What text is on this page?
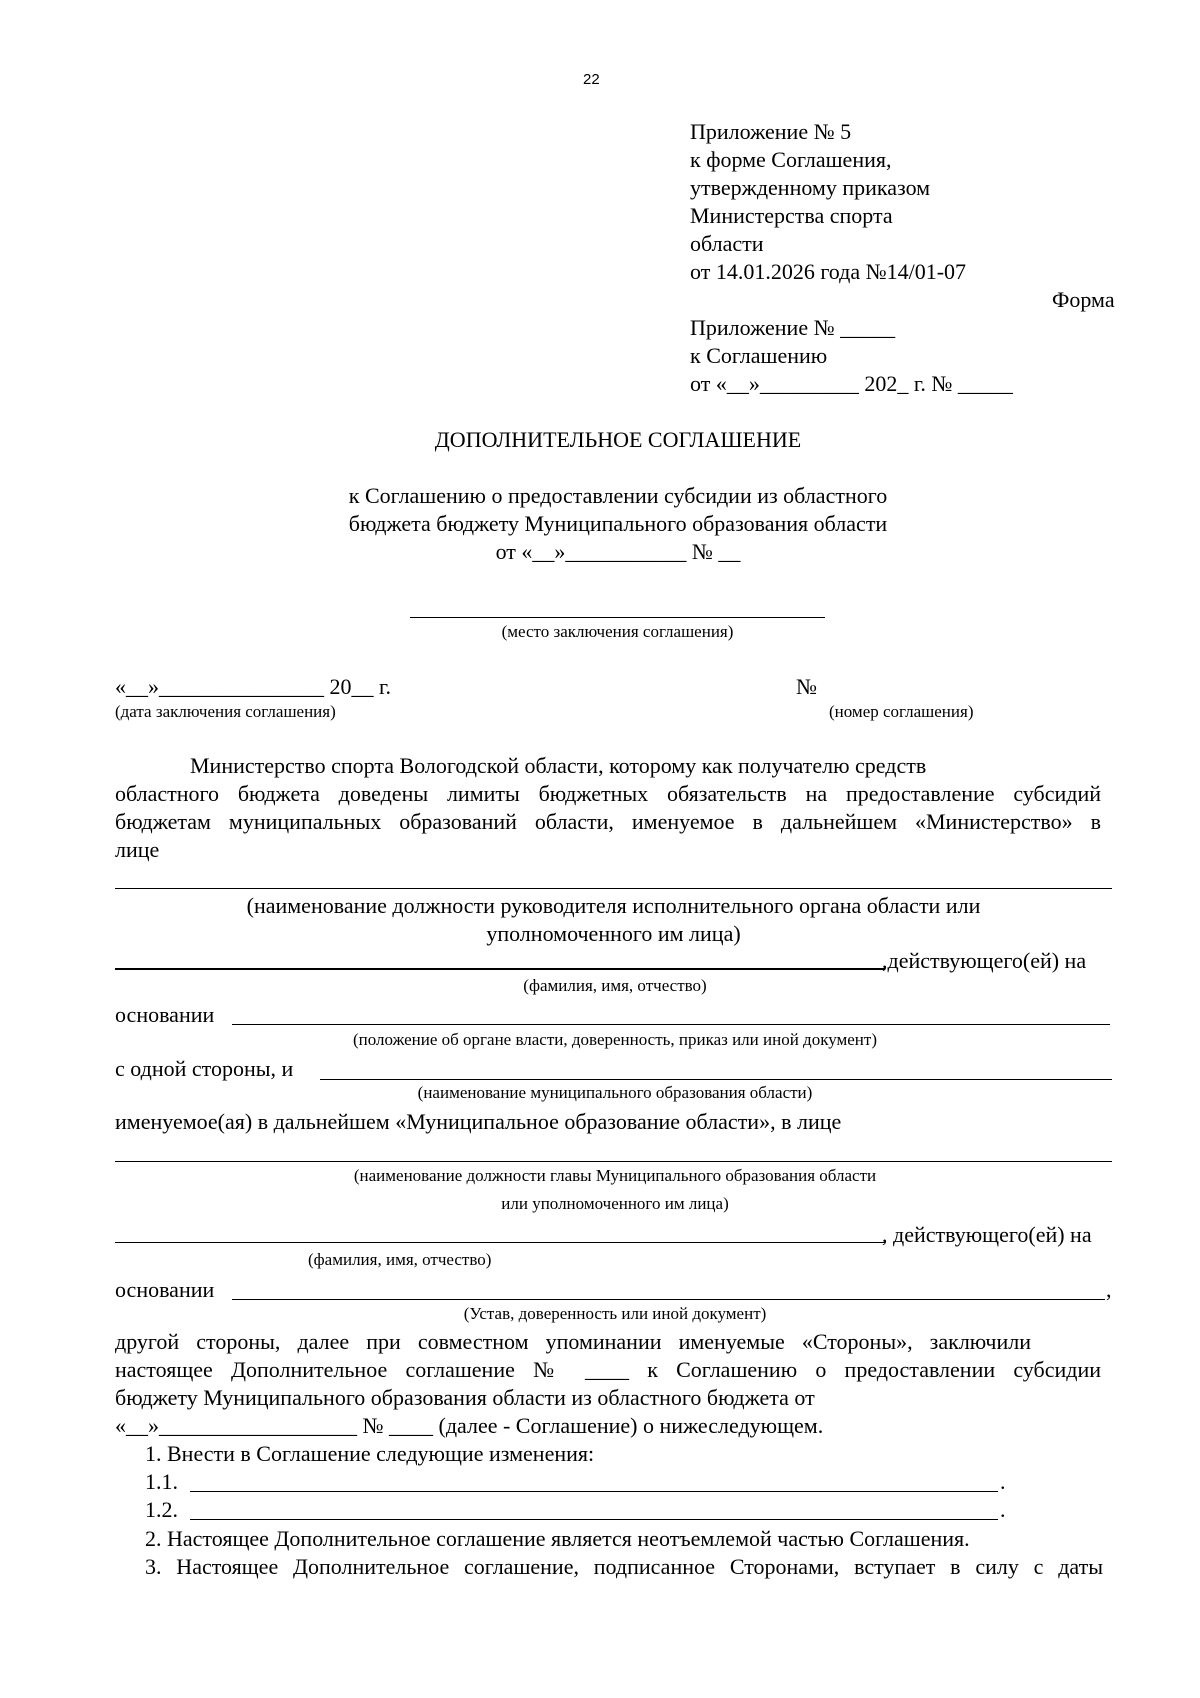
22
Приложение № 5
к форме Соглашения,
утвержденному приказом
Министерства спорта
области
от 14.01.2026 года №14/01-07
Форма
Приложение № _____
к Соглашению
от «__»_________ 202_ г. № _____
ДОПОЛНИТЕЛЬНОЕ СОГЛАШЕНИЕ
к Соглашению о предоставлении субсидии из областного
бюджета бюджету Муниципального образования области
от «__»___________ № __
(место заключения соглашения)
«__»_______________ 20__ г.	№
(дата заключения соглашения)	(номер соглашения)
Министерство спорта Вологодской области, которому как получателю средств
областного бюджета доведены лимиты бюджетных обязательств на предоставление субсидий
бюджетам муниципальных образований области, именуемое в дальнейшем «Министерство» в
лице
(наименование должности руководителя исполнительного органа области или
уполномоченного им лица)
,действующего(ей) на
(фамилия, имя, отчество)
основании
(положение об органе власти, доверенность, приказ или иной документ)
с одной стороны, и
(наименование муниципального образования области)
именуемое(ая) в дальнейшем «Муниципальное образование области», в лице
(наименование должности главы Муниципального образования области
или уполномоченного им лица)
, действующего(ей) на
(фамилия, имя, отчество)
основании	,
(Устав, доверенность или иной документ)
другой стороны, далее при совместном упоминании именуемые «Стороны», заключили
настоящее Дополнительное соглашение № ____ к Соглашению о предоставлении субсидии
бюджету Муниципального образования области из областного бюджета от
«__»__________________ № ____ (далее - Соглашение) о нижеследующем.
1. Внести в Соглашение следующие изменения:
1.1.	.
1.2.	.
2. Настоящее Дополнительное соглашение является неотъемлемой частью Соглашения.
3. Настоящее Дополнительное соглашение, подписанное Сторонами, вступает в силу с даты
